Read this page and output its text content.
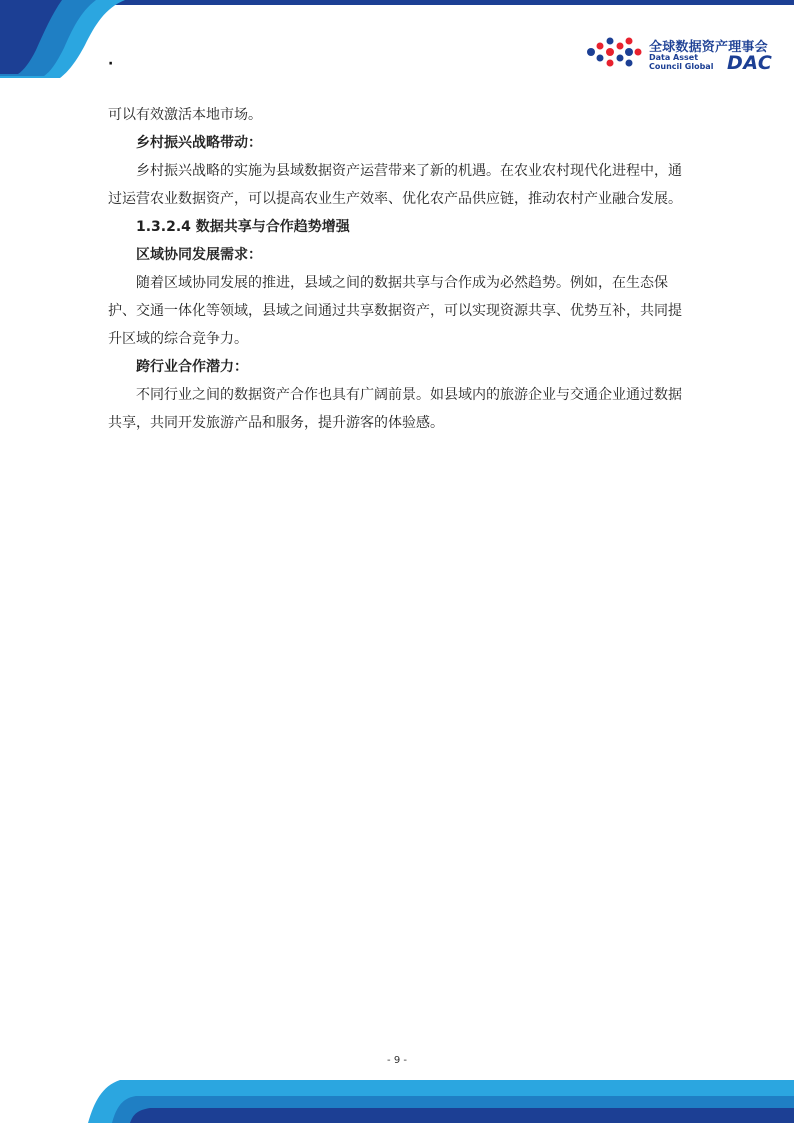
·
全球数据资产理事会
Data Asset
Council Global DAC

可以有效激活本地市场。

乡村振兴战略带动：

乡村振兴战略的实施为县域数据资产运营带来了新的机遇。在农业农村现代化进程中，通过运营农业数据资产，可以提高农业生产效率、优化农产品供应链，推动农村产业融合发展。

1.3.2.4 数据共享与合作趋势增强

区域协同发展需求：

随着区域协同发展的推进，县域之间的数据共享与合作成为必然趋势。例如，在生态保护、交通一体化等领域，县域之间通过共享数据资产，可以实现资源共享、优势互补，共同提升区域的综合竞争力。

跨行业合作潜力：

不同行业之间的数据资产合作也具有广阔前景。如县域内的旅游企业与交通企业通过数据共享，共同开发旅游产品和服务，提升游客的体验感。

- 9 -
